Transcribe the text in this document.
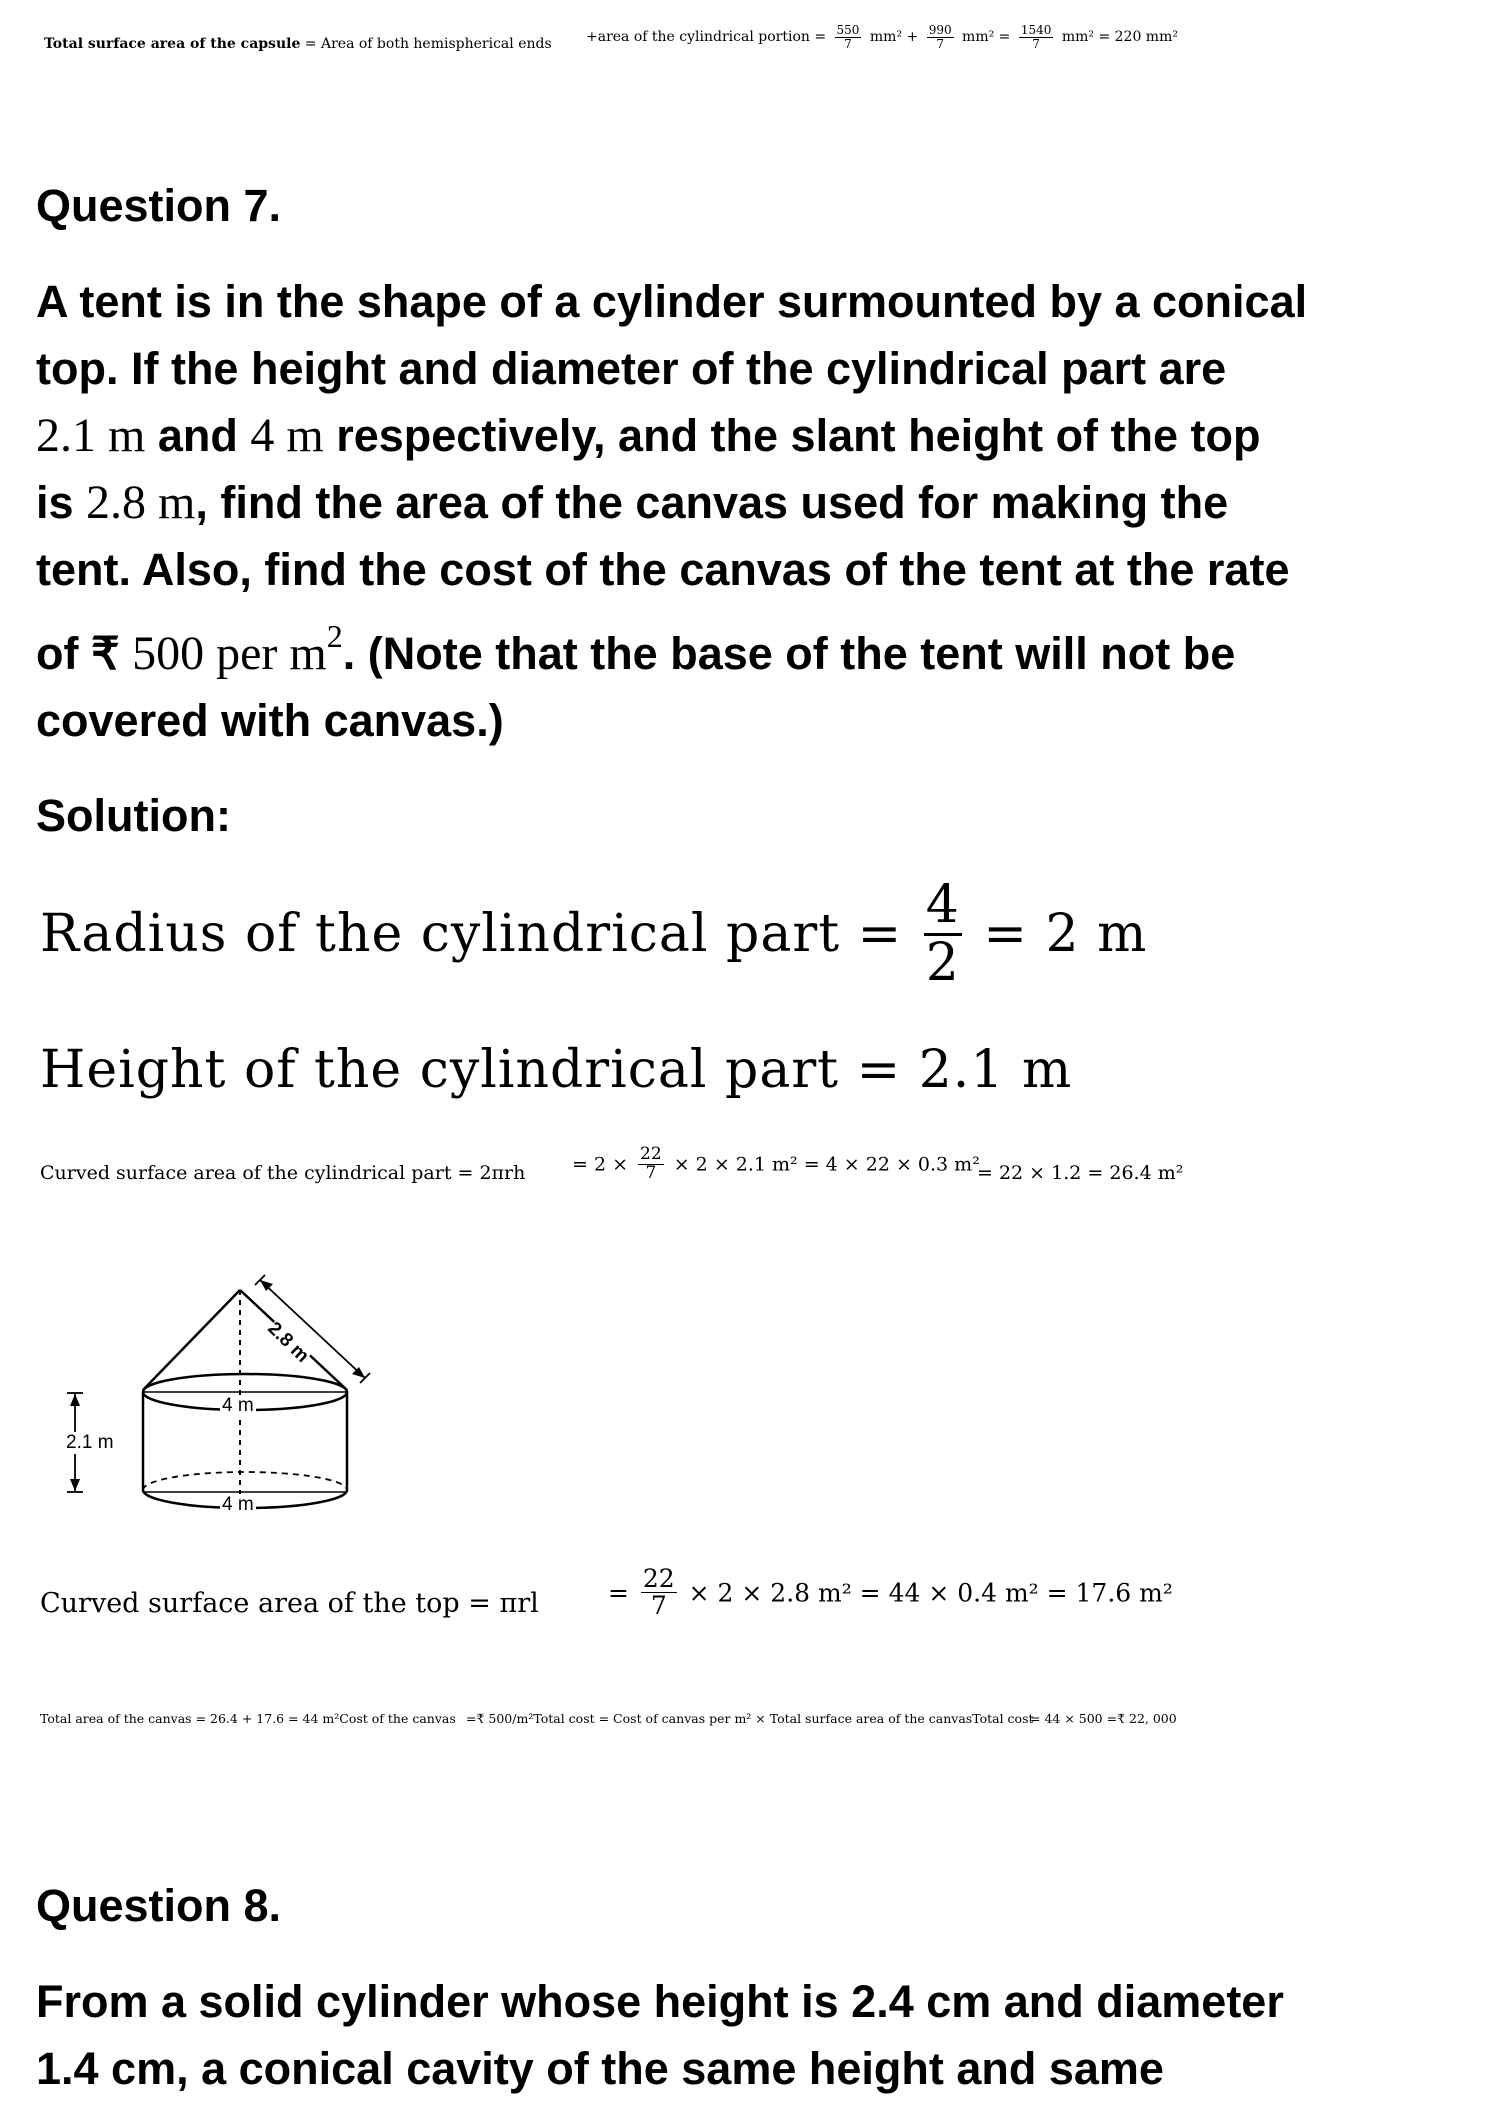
Total surface area of the capsule = Area of both hemispherical ends +area of the cylindrical portion = $\frac{550}{7} mm^2 + \frac{990}{7} mm^2 = \frac{1540}{7} mm^2 = 220$ mm²
Question 7.

A tent is in the shape of a cylinder surmounted by a conical
top. If the height and diameter of the cylindrical part are
2.1 m and 4 m respectively, and the slant height of the top
is 2.8 m, find the area of the canvas used for making the
tent. Also, find the cost of the canvas of the tent at the rate
of ₹ 500 per $m^2$. (Note that the base of the tent will not be
covered with canvas.)

Solution:
Radius of the cylindrical part = $\frac{4}{2} = 2$ m
Height of the cylindrical part = 2.1 m
Curved surface area of the cylindrical part = $2\pi rh = 2 \times \frac{22}{7} \times 2 \times 2.1$ m² = 4 × 22 × 0.3 m²
= 22 × 1.2 = 26.4 m²
2.8 m
4 m
4 m
2.1 m
Curved surface area of the top = πrl	= $\frac{22}{7} \times 2 \times 2.8$ m² = 44 × 0.4 m² = 17.6 m²
Total area of the canvas = 26.4 + 17.6 = 44 m²Cost of the canvas =₹ 500/m²Total cost = Cost of canvas per m² × Total surface area of the canvasTotal cost
= 44 × 500 =₹ 22, 000
Question 8.

From a solid cylinder whose height is 2.4 cm and diameter
1.4 cm, a conical cavity of the same height and same
